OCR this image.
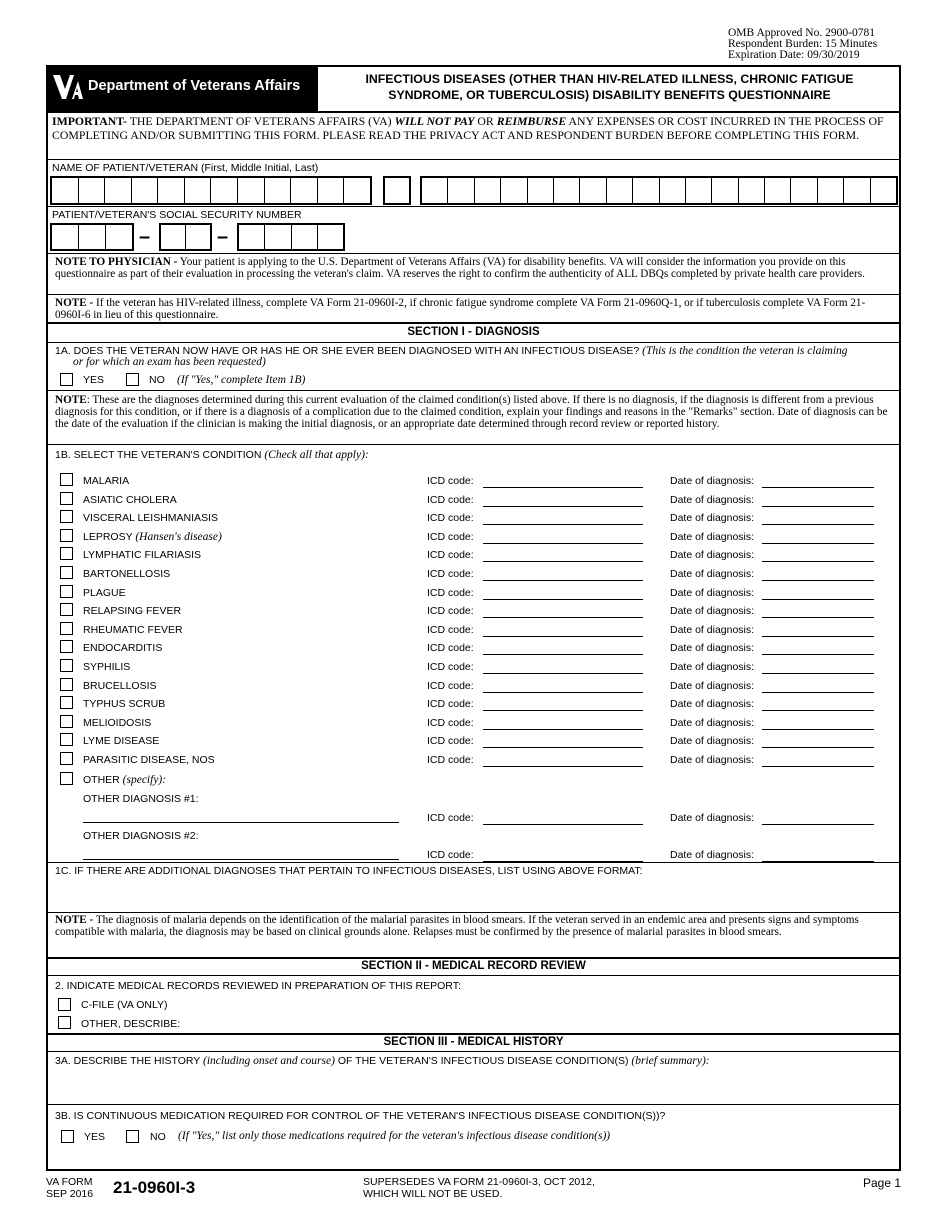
OMB Approved No. 2900-0781
Respondent Burden: 15 Minutes
Expiration Date: 09/30/2019
Department of Veterans Affairs	INFECTIOUS DISEASES (OTHER THAN HIV-RELATED ILLNESS, CHRONIC FATIGUE
SYNDROME, OR TUBERCULOSIS) DISABILITY BENEFITS QUESTIONNAIRE
IMPORTANT- THE DEPARTMENT OF VETERANS AFFAIRS (VA) WILL NOT PAY OR REIMBURSE ANY EXPENSES OR COST INCURRED IN THE PROCESS OF COMPLETING AND/OR SUBMITTING THIS FORM. PLEASE READ THE PRIVACY ACT AND RESPONDENT BURDEN BEFORE COMPLETING THIS FORM.
NAME OF PATIENT/VETERAN (First, Middle Initial, Last)
PATIENT/VETERAN'S SOCIAL SECURITY NUMBER
–	–
NOTE TO PHYSICIAN - Your patient is applying to the U.S. Department of Veterans Affairs (VA) for disability benefits. VA will consider the information you provide on this questionnaire as part of their evaluation in processing the veteran's claim. VA reserves the right to confirm the authenticity of ALL DBQs completed by private health care providers.
NOTE - If the veteran has HIV-related illness, complete VA Form 21-0960I-2, if chronic fatigue syndrome complete VA Form 21-0960Q-1, or if tuberculosis complete VA Form 21-0960I-6 in lieu of this questionnaire.
SECTION I - DIAGNOSIS
1A. DOES THE VETERAN NOW HAVE OR HAS HE OR SHE EVER BEEN DIAGNOSED WITH AN INFECTIOUS DISEASE? (This is the condition the veteran is claiming
or for which an exam has been requested)
YES	NO (If "Yes," complete Item 1B)
NOTE: These are the diagnoses determined during this current evaluation of the claimed condition(s) listed above. If there is no diagnosis, if the diagnosis is different from a previous diagnosis for this condition, or if there is a diagnosis of a complication due to the claimed condition, explain your findings and reasons in the "Remarks" section. Date of diagnosis can be the date of the evaluation if the clinician is making the initial diagnosis, or an appropriate date determined through record review or reported history.
1B. SELECT THE VETERAN'S CONDITION (Check all that apply):
MALARIA	ICD code:	Date of diagnosis:
ASIATIC CHOLERA	ICD code:	Date of diagnosis:
VISCERAL LEISHMANIASIS	ICD code:	Date of diagnosis:
LEPROSY (Hansen's disease)	ICD code:	Date of diagnosis:
LYMPHATIC FILARIASIS	ICD code:	Date of diagnosis:
BARTONELLOSIS	ICD code:	Date of diagnosis:
PLAGUE	ICD code:	Date of diagnosis:
RELAPSING FEVER	ICD code:	Date of diagnosis:
RHEUMATIC FEVER	ICD code:	Date of diagnosis:
ENDOCARDITIS	ICD code:	Date of diagnosis:
SYPHILIS	ICD code:	Date of diagnosis:
BRUCELLOSIS	ICD code:	Date of diagnosis:
TYPHUS SCRUB	ICD code:	Date of diagnosis:
MELIOIDOSIS	ICD code:	Date of diagnosis:
LYME DISEASE	ICD code:	Date of diagnosis:
PARASITIC DISEASE, NOS	ICD code:	Date of diagnosis:
OTHER (specify):
OTHER DIAGNOSIS #1:
ICD code:	Date of diagnosis:
OTHER DIAGNOSIS #2:
ICD code:	Date of diagnosis:
1C. IF THERE ARE ADDITIONAL DIAGNOSES THAT PERTAIN TO INFECTIOUS DISEASES, LIST USING ABOVE FORMAT:
NOTE - The diagnosis of malaria depends on the identification of the malarial parasites in blood smears. If the veteran served in an endemic area and presents signs and symptoms compatible with malaria, the diagnosis may be based on clinical grounds alone. Relapses must be confirmed by the presence of malarial parasites in blood smears.
SECTION II - MEDICAL RECORD REVIEW
2. INDICATE MEDICAL RECORDS REVIEWED IN PREPARATION OF THIS REPORT:
C-FILE (VA ONLY)
OTHER, DESCRIBE:
SECTION III - MEDICAL HISTORY
3A. DESCRIBE THE HISTORY (including onset and course) OF THE VETERAN'S INFECTIOUS DISEASE CONDITION(S) (brief summary):
3B. IS CONTINUOUS MEDICATION REQUIRED FOR CONTROL OF THE VETERAN'S INFECTIOUS DISEASE CONDITION(S))?
YES	NO (If "Yes," list only those medications required for the veteran's infectious disease condition(s))
VA FORM
SEP 2016 21-0960I-3	SUPERSEDES VA FORM 21-0960I-3, OCT 2012,
WHICH WILL NOT BE USED.
Page 1
